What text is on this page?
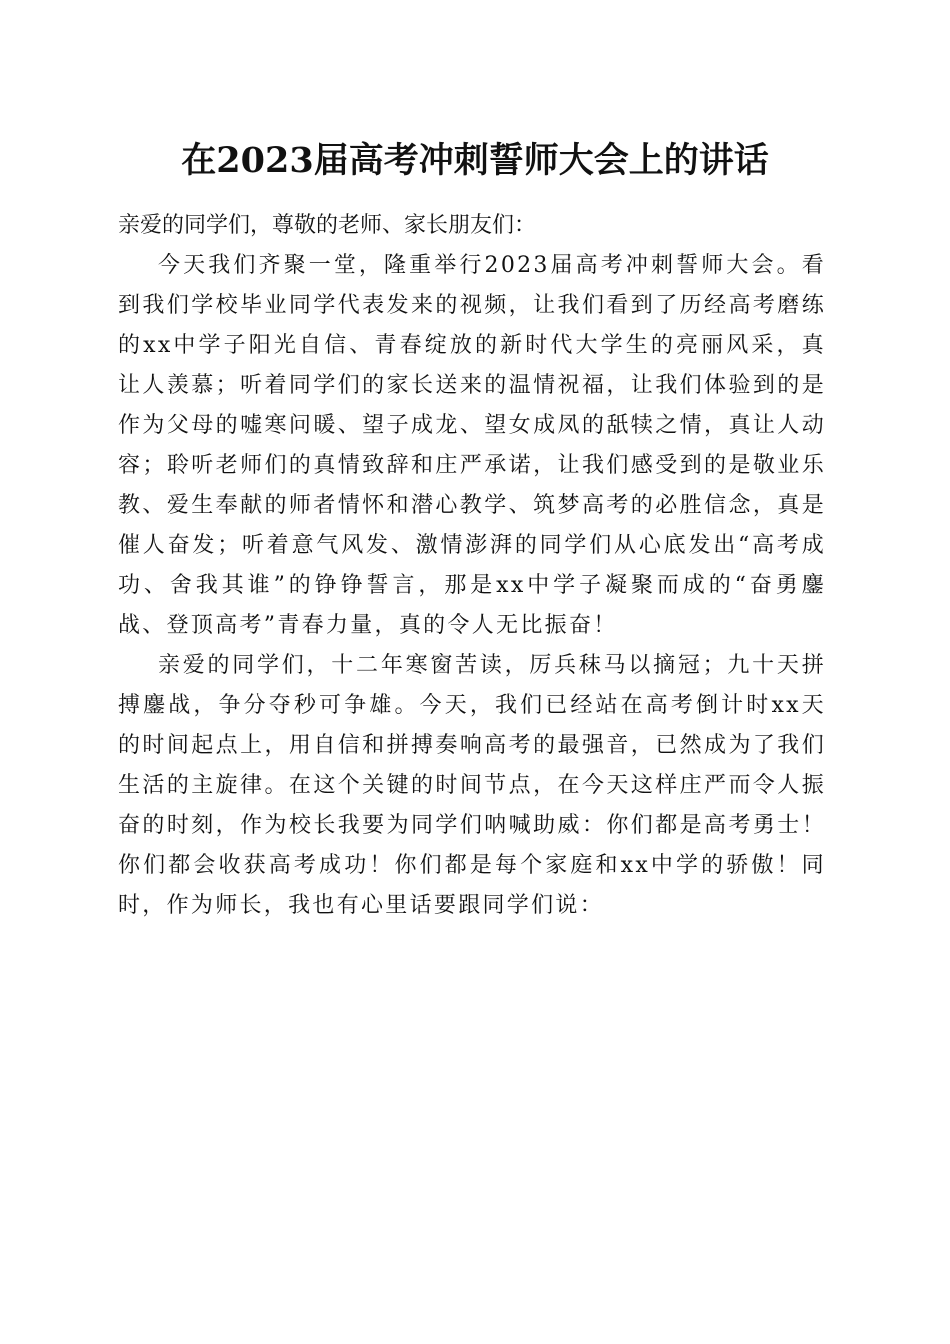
在2023届高考冲刺誓师大会上的讲话

亲爱的同学们，尊敬的老师、家长朋友们：

今天我们齐聚一堂，隆重举行2023届高考冲刺誓师大会。看到我们学校毕业同学代表发来的视频，让我们看到了历经高考磨练的xx中学子阳光自信、青春绽放的新时代大学生的亮丽风采，真让人羡慕；听着同学们的家长送来的温情祝福，让我们体验到的是作为父母的嘘寒问暖、望子成龙、望女成凤的舐犊之情，真让人动容；聆听老师们的真情致辞和庄严承诺，让我们感受到的是敬业乐教、爱生奉献的师者情怀和潜心教学、筑梦高考的必胜信念，真是催人奋发；听着意气风发、激情澎湃的同学们从心底发出“高考成功、舍我其谁”的铮铮誓言，那是xx中学子凝聚而成的“奋勇鏖战、登顶高考”青春力量，真的令人无比振奋！

亲爱的同学们，十二年寒窗苦读，厉兵秣马以摘冠；九十天拼搏鏖战，争分夺秒可争雄。今天，我们已经站在高考倒计时xx天的时间起点上，用自信和拼搏奏响高考的最强音，已然成为了我们生活的主旋律。在这个关键的时间节点，在今天这样庄严而令人振奋的时刻，作为校长我要为同学们呐喊助威：你们都是高考勇士！你们都会收获高考成功！你们都是每个家庭和xx中学的骄傲！同时，作为师长，我也有心里话要跟同学们说：
